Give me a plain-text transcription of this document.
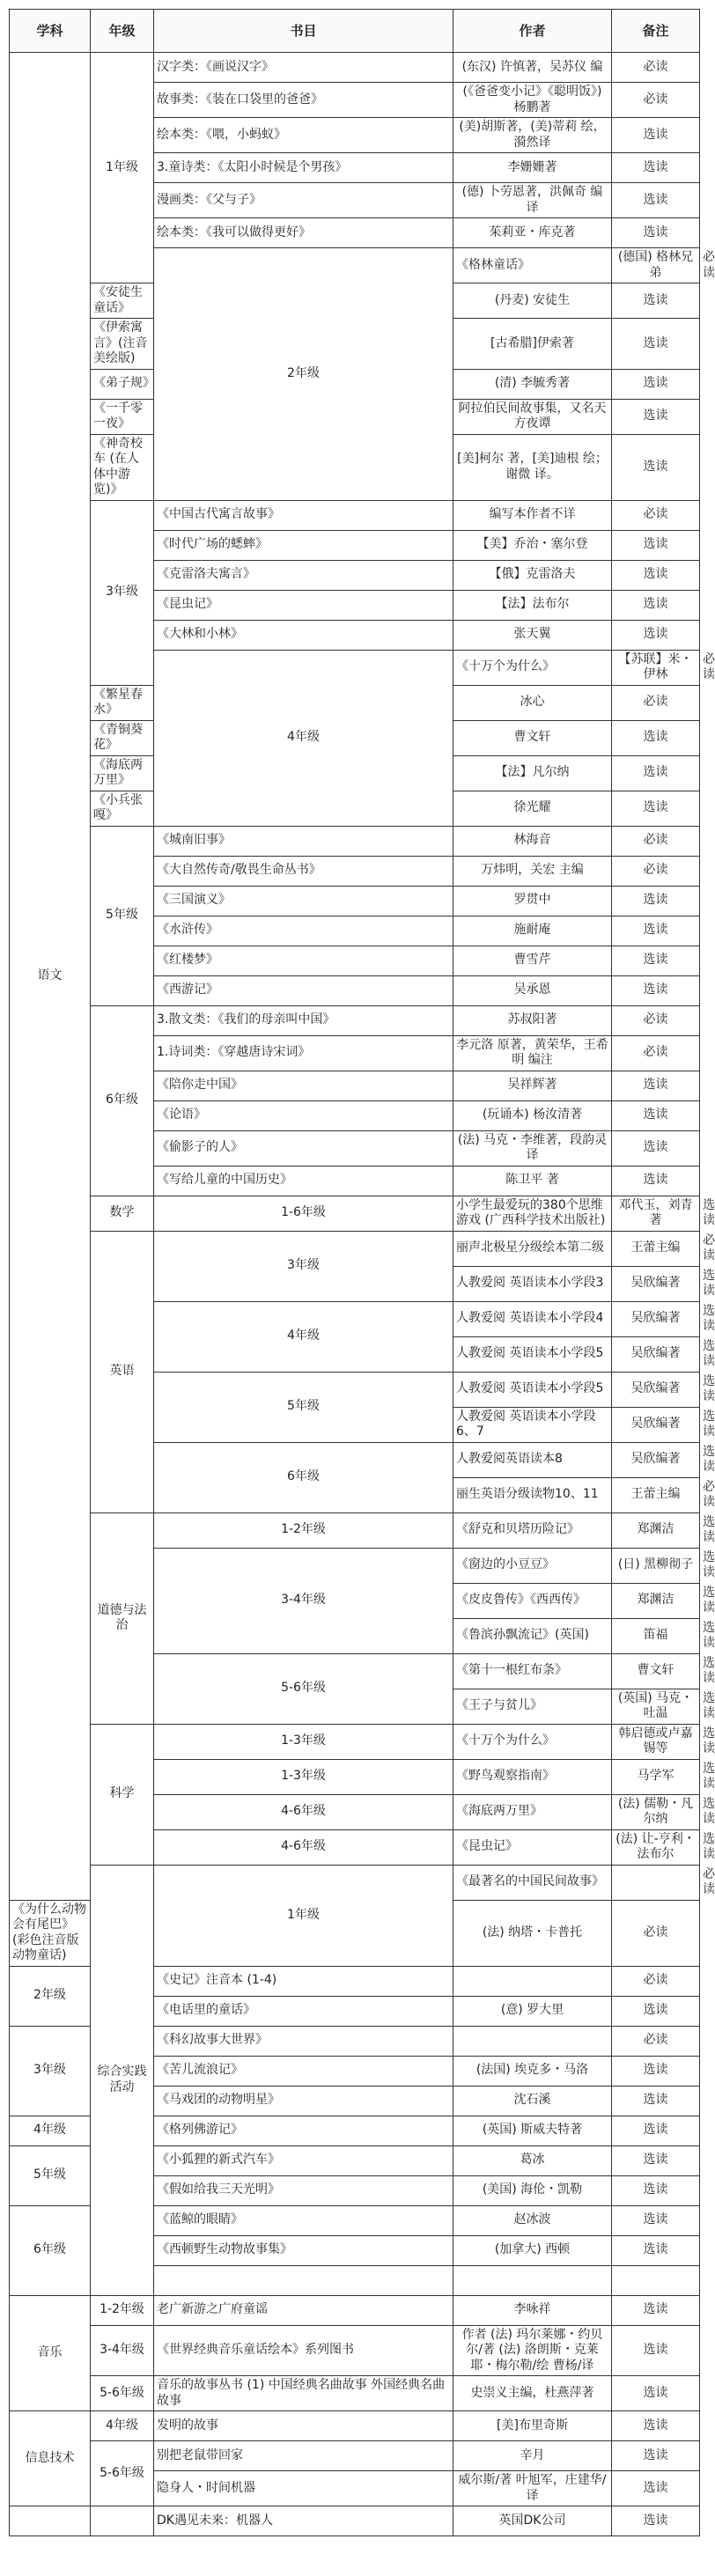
学科	年级	书目	作者	备注	
语文	1年级	汉字类：《画说汉字》	(东汉) 许慎著，吴苏仪 编	必读	
		故事类：《装在口袋里的爸爸》	(《爸爸变小记》《聪明饭》) 杨鹏著	必读	
		绘本类：《喂，小蚂蚁》	(美)胡斯著，(美)蒂莉 绘，漪然译	选读	
		3.童诗类：《太阳小时候是个男孩》	李姗姗著	选读	
		漫画类：《父与子》	(德) 卜劳恩著，洪佩奇 编译	选读	
		绘本类：《我可以做得更好》	茱莉亚・库克著	选读	
		2年级	《格林童话》	(德国) 格林兄弟	必读
	《安徒生童话》		(丹麦) 安徒生	选读	
	《伊索寓言》(注音美绘版)		[古希腊]伊索著	选读	
	《弟子规》		(清) 李毓秀著	选读	
	《一千零一夜》		阿拉伯民间故事集，又名天方夜谭	选读	
	《神奇校车 (在人体中游览)》		[美]柯尔 著，[美]迪根 绘；谢微 译。	选读	
	3年级	《中国古代寓言故事》	编写本作者不详	必读	
		《时代广场的蟋蟀》	【美】乔治・塞尔登	选读	
		《克雷洛夫寓言》	【俄】克雷洛夫	选读	
		《昆虫记》	【法】法布尔	选读	
		《大林和小林》	张天翼	选读	
		4年级	《十万个为什么》	【苏联】米・伊林	必读
	《繁星春水》		冰心	必读	
	《青铜葵花》		曹文轩	选读	
	《海底两万里》		【法】凡尔纳	选读	
	《小兵张嘎》		徐光耀	选读	
	5年级	《城南旧事》	林海音	必读	
		《大自然传奇/敬畏生命丛书》	万炜明，关宏 主编	必读	
		《三国演义》	罗贯中	选读	
		《水浒传》	施耐庵	选读	
		《红楼梦》	曹雪芹	选读	
		《西游记》	吴承恩	选读	
	6年级	3.散文类：《我们的母亲叫中国》	苏叔阳著	必读	
		1.诗词类：《穿越唐诗宋词》	李元洛 原著，黄荣华，王希明 编注	必读	
		《陪你走中国》	吴祥辉著	选读	
		《论语》	(玩诵本) 杨汝清著	选读	
		《偷影子的人》	(法) 马克・李维著，段韵灵 译	选读	
		《写给儿童的中国历史》	陈卫平 著	选读	
	数学	1-6年级	小学生最爱玩的380个思维游戏 (广西科学技术出版社)	邓代玉，刘青著	选读
	英语	3年级	丽声北极星分级绘本第二级	王蕾主编	必读
			人教爱阅 英语读本小学段3	吴欣编著	选读
		4年级	人教爱阅 英语读本小学段4	吴欣编著	选读
			人教爱阅 英语读本小学段5	吴欣编著	选读
		5年级	人教爱阅 英语读本小学段5	吴欣编著	选读
			人教爱阅 英语读本小学段6、7	吴欣编著	选读
		6年级	人教爱阅英语读本8	吴欣编著	选读
			丽生英语分级读物10、11	王蕾主编	必读
	道德与法治	1-2年级	《舒克和贝塔历险记》	郑渊洁	选读
		3-4年级	《窗边的小豆豆》	(日) 黑柳彻子	选读
			《皮皮鲁传》《西西传》	郑渊洁	选读
			《鲁滨孙飘流记》(英国)	笛福	选读
		5-6年级	《第十一根红布条》	曹文轩	选读
			《王子与贫儿》	(英国) 马克・吐温	选读
	科学	1-3年级	《十万个为什么》	韩启德或卢嘉锡等	选读
		1-3年级	《野鸟观察指南》	马学军	选读
		4-6年级	《海底两万里》	(法) 儒勒・凡尔纳	选读
		4-6年级	《昆虫记》	(法) 让-亨利・法布尔	选读
	综合实践活动	1年级	《最著名的中国民间故事》		必读
《为什么动物会有尾巴》(彩色注音版动物童话)			(法) 纳塔・卡普托	必读	
2年级		《史记》注音本 (1-4)		必读	
		《电话里的童话》	(意) 罗大里	选读	
3年级		《科幻故事大世界》		必读	
		《苦儿流浪记》	(法国) 埃克多・马洛	选读	
		《马戏团的动物明星》	沈石溪	选读	
4年级		《格列佛游记》	(英国) 斯威夫特著	选读	
5年级		《小狐狸的新式汽车》	葛冰	选读	
		《假如给我三天光明》	(美国) 海伦・凯勒	选读	
6年级		《蓝鲸的眼睛》	赵冰波	选读	
		《西顿野生动物故事集》	(加拿大) 西顿	选读	

音乐	1-2年级	老广新游之广府童谣	李咏祥	选读	
	3-4年级	《世界经典音乐童话绘本》系列图书	作者 (法) 玛尔莱娜・约贝尔/著 (法) 洛朗斯・克莱耶・梅尔勒/绘 曹杨/译	选读	
	5-6年级	音乐的故事丛书 (1) 中国经典名曲故事 外国经典名曲故事	史崇义主编，杜燕萍著	选读	
信息技术	4年级	发明的故事	[美]布里奇斯	选读	
	5-6年级	别把老鼠带回家	辛月	选读	
		隐身人・时间机器	威尔斯/著 叶旭军，庄建华/译	选读	
		DK遇见未来：机器人	英国DK公司	选读	
